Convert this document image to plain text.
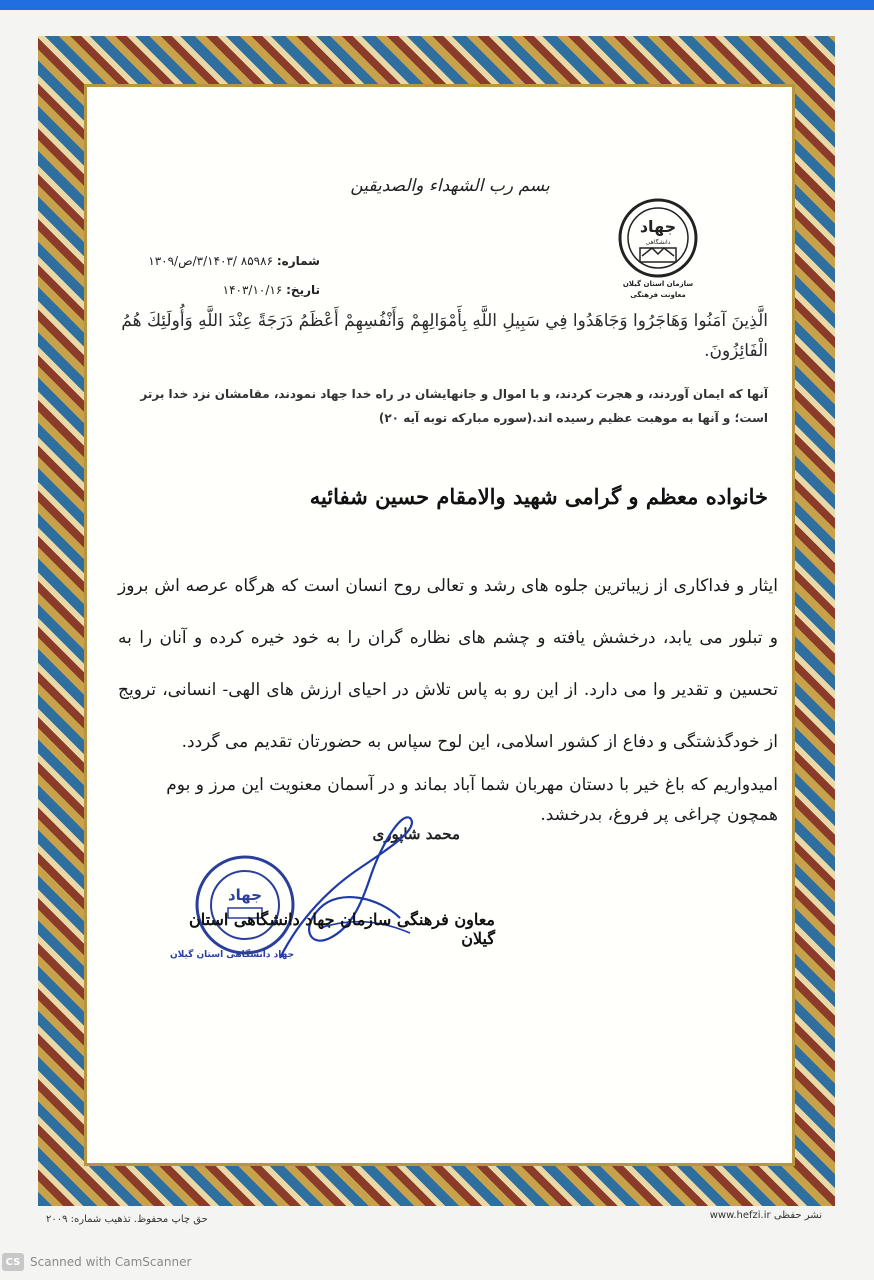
بسم رب الشهداء والصدیقین
جهاد
دانشگاهی
سازمان استان گیلان
معاونت فرهنگی
شماره: ۸۵۹۸۶ /۳/۱۴۰۳/ص/۱۳۰۹
تاریخ: ۱۴۰۳/۱۰/۱۶
الَّذِينَ آمَنُوا وَهَاجَرُوا وَجَاهَدُوا فِي سَبِيلِ اللَّهِ بِأَمْوَالِهِمْ وَأَنْفُسِهِمْ أَعْظَمُ دَرَجَةً عِنْدَ اللَّهِ وَأُولَئِكَ هُمُ الْفَائِزُونَ.
آنها که ایمان آوردند، و هجرت کردند، و با اموال و جانهایشان در راه خدا جهاد نمودند، مقامشان نزد خدا برتر است؛ و آنها به موهبت عظیم رسیده اند.(سوره مبارکه توبه آیه ۲۰)
خانواده معظم و گرامی شهید والامقام حسین شفائیه
ایثار و فداکاری از زیباترین جلوه های رشد و تعالی روح انسان است که هرگاه عرصه اش بروز و تبلور می یابد، درخشش یافته و چشم های نظاره گران را به خود خیره کرده و آنان را به تحسین و تقدیر وا می دارد. از این رو به پاس تلاش در احیای ارزش های الهی- انسانی، ترویج از خودگذشتگی و دفاع از کشور اسلامی، این لوح سپاس به حضورتان تقدیم می گردد.
امیدواریم که باغ خیر با دستان مهربان شما آباد بماند و در آسمان معنویت این مرز و بوم همچون چراغی پر فروغ، بدرخشد.
جهاد
جهاد دانشگاهی استان گیلان
محمد شاپوری
معاون فرهنگی سازمان جهاد دانشگاهی استان گیلان
حق چاپ محفوظ. تذهیب شماره: ۲۰۰۹	www.hefzi.ir نشر حفظی
CS Scanned with CamScanner
